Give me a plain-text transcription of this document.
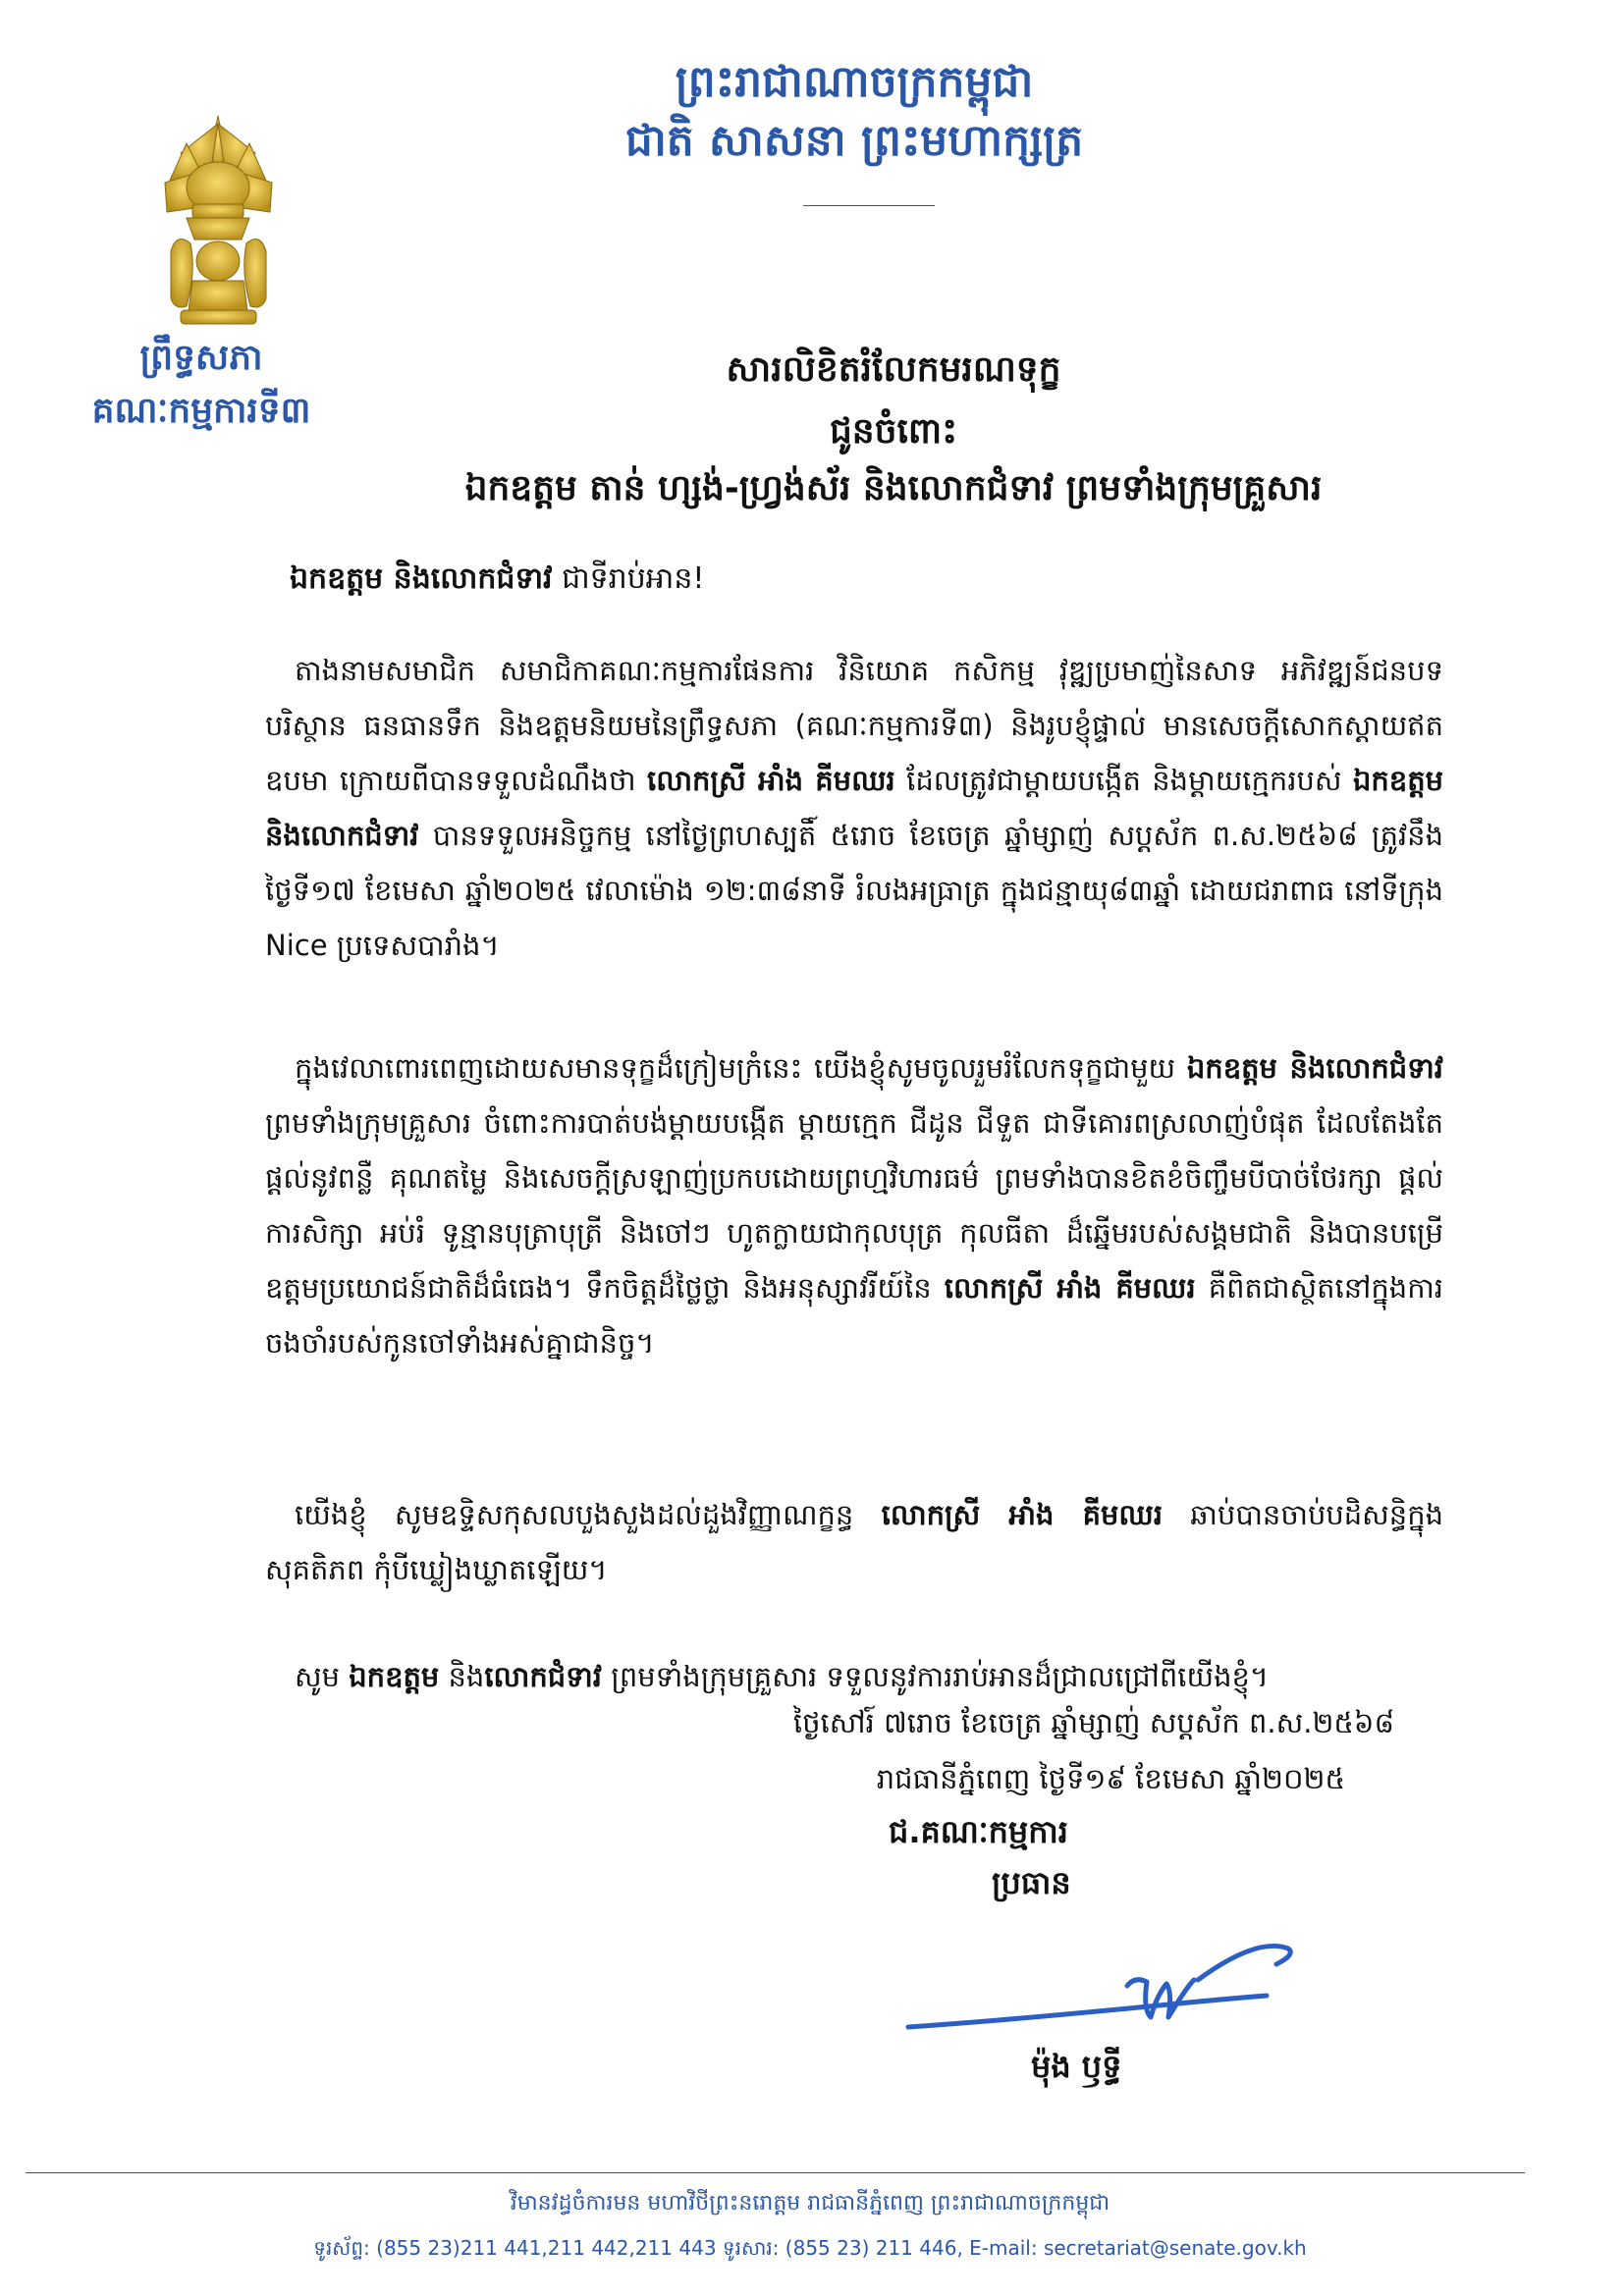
ព្រះរាជាណាចក្រកម្ពុជា
ជាតិ សាសនា ព្រះមហាក្សត្រ
ព្រឹទ្ធសភា
គណៈកម្មការទី៣
សារលិខិតរំលែកមរណទុក្ខ
ជូនចំពោះ
ឯកឧត្តម តាន់ ហ្សង់-ហ្វ្រង់ស័រ និងលោកជំទាវ ព្រមទាំងក្រុមគ្រួសារ
ឯកឧត្តម និងលោកជំទាវ ជាទីរាប់អាន!
តាងនាមសមាជិក សមាជិកាគណៈកម្មការផែនការ វិនិយោគ កសិកម្ម វុឌ្ឍប្រមាញ់នៃសាទ អភិវឌ្ឍន៍ជនបទ បរិស្ថាន ធនធានទឹក និងឧត្តមនិយមនៃព្រឹទ្ធសភា (គណៈកម្មការទី៣) និងរូបខ្ញុំផ្ទាល់ មានសេចក្តីសោកស្តាយឥតឧបមា ក្រោយពីបានទទួលដំណឹងថា លោកស្រី អាំង គីមឈរ ដែលត្រូវជាម្តាយបង្កើត និងម្តាយក្មេករបស់ ឯកឧត្តម និងលោកជំទាវ បានទទួលអនិច្ចកម្ម នៅថ្ងៃព្រហស្បតិ៍ ៥រោច ខែចេត្រ ឆ្នាំម្សាញ់ សប្តស័ក ព.ស.២៥៦៨ ត្រូវនឹងថ្ងៃទី១៧ ខែមេសា ឆ្នាំ២០២៥ វេលាម៉ោង ១២:៣៨នាទី រំលងអធ្រាត្រ ក្នុងជន្មាយុ៨៣ឆ្នាំ ដោយជរាពាធ នៅទីក្រុង Nice ប្រទេសបារាំង។
ក្នុងវេលាពោរពេញដោយសមានទុក្ខដ៏ក្រៀមក្រំនេះ យើងខ្ញុំសូមចូលរួមរំលែកទុក្ខជាមួយ ឯកឧត្តម និងលោកជំទាវ ព្រមទាំងក្រុមគ្រួសារ ចំពោះការបាត់បង់ម្តាយបង្កើត ម្តាយក្មេក ជីដូន ជីទួត ជាទីគោរពស្រលាញ់បំផុត ដែលតែងតែផ្តល់នូវពន្លឺ គុណតម្លៃ និងសេចក្តីស្រឡាញ់ប្រកបដោយព្រហ្មវិហារធម៌ ព្រមទាំងបានខិតខំចិញ្ចឹមបីបាច់ថែរក្សា ផ្តល់ការសិក្សា អប់រំ ទូន្មានបុត្រាបុត្រី និងចៅៗ ហូតក្លាយជាកុលបុត្រ កុលធីតា ដ៏ឆ្នើមរបស់សង្គមជាតិ និងបានបម្រើឧត្តមប្រយោជន៍ជាតិដ៏ធំធេង។ ទឹកចិត្តដ៏ថ្លៃថ្លា និងអនុស្សាវរីយ៍នៃ លោកស្រី អាំង គីមឈរ គឺពិតជាស្ថិតនៅក្នុងការចងចាំរបស់កូនចៅទាំងអស់គ្នាជានិច្ច។
យើងខ្ញុំ សូមឧទ្ទិសកុសលបួងសួងដល់ដួងវិញ្ញាណក្ខន្ធ លោកស្រី អាំង គីមឈរ ឆាប់បានចាប់បដិសន្ធិក្នុងសុគតិភព កុំបីឃ្លៀងឃ្លាតឡើយ។
សូម ឯកឧត្តម និងលោកជំទាវ ព្រមទាំងក្រុមគ្រួសារ ទទួលនូវការរាប់អានដ៏ជ្រាលជ្រៅពីយើងខ្ញុំ។
ថ្ងៃសៅរ៍ ៧រោច ខែចេត្រ ឆ្នាំម្សាញ់ សប្តស័ក ព.ស.២៥៦៨
រាជធានីភ្នំពេញ ថ្ងៃទី១៩ ខែមេសា ឆ្នាំ២០២៥
ជ.គណៈកម្មការ
ប្រធាន
ម៉ុង ឫទ្ធី
វិមានវដ្ធចំការមន មហាវិថីព្រះនរោត្តម រាជធានីភ្នំពេញ ព្រះរាជាណាចក្រកម្ពុជា
ទូរស័ព្ទ: (855 23)211 441,211 442,211 443 ទូរសារ: (855 23) 211 446, E-mail: secretariat@senate.gov.kh
